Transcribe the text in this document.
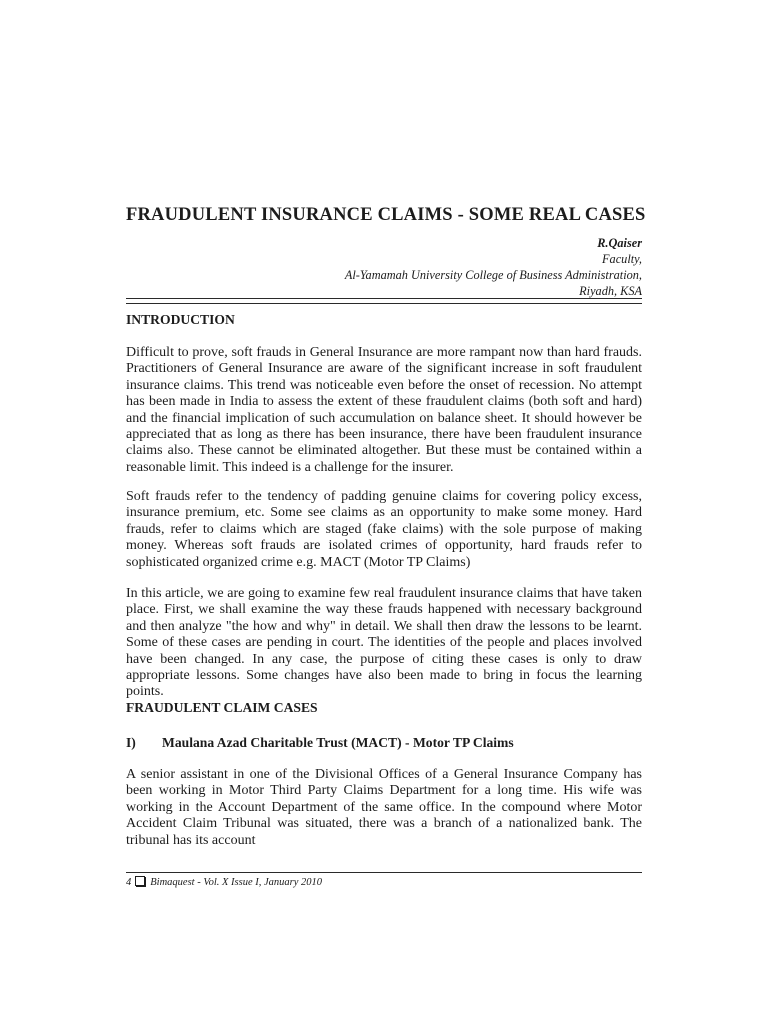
FRAUDULENT INSURANCE CLAIMS - SOME REAL CASES
R.Qaiser
Faculty,
Al-Yamamah University College of Business Administration,
Riyadh, KSA
INTRODUCTION
Difficult to prove, soft frauds in General Insurance are more rampant now than hard frauds. Practitioners of General Insurance are aware of the significant increase in soft fraudulent insurance claims. This trend was noticeable even before the onset of recession. No attempt has been made in India to assess the extent of these fraudulent claims (both soft and hard) and the financial implication of such accumulation on balance sheet. It should however be appreciated that as long as there has been insurance, there have been fraudulent insurance claims also. These cannot be eliminated altogether. But these must be contained within a reasonable limit. This indeed is a challenge for the insurer.
Soft frauds refer to the tendency of padding genuine claims for covering policy excess, insurance premium, etc. Some see claims as an opportunity to make some money. Hard frauds, refer to claims which are staged (fake claims) with the sole purpose of making money. Whereas soft frauds are isolated crimes of opportunity, hard frauds refer to sophisticated organized crime e.g. MACT (Motor TP Claims)
In this article, we are going to examine few real fraudulent insurance claims that have taken place. First, we shall examine the way these frauds happened with necessary background and then analyze "the how and why" in detail. We shall then draw the lessons to be learnt. Some of these cases are pending in court. The identities of the people and places involved have been changed. In any case, the purpose of citing these cases is only to draw appropriate lessons. Some changes have also been made to bring in focus the learning points.
FRAUDULENT CLAIM CASES
I) Maulana Azad Charitable Trust (MACT) - Motor TP Claims
A senior assistant in one of the Divisional Offices of a General Insurance Company has been working in Motor Third Party Claims Department for a long time. His wife was working in the Account Department of the same office. In the compound where Motor Accident Claim Tribunal was situated, there was a branch of a nationalized bank. The tribunal has its account
4 Bimaquest - Vol. X Issue I, January 2010
